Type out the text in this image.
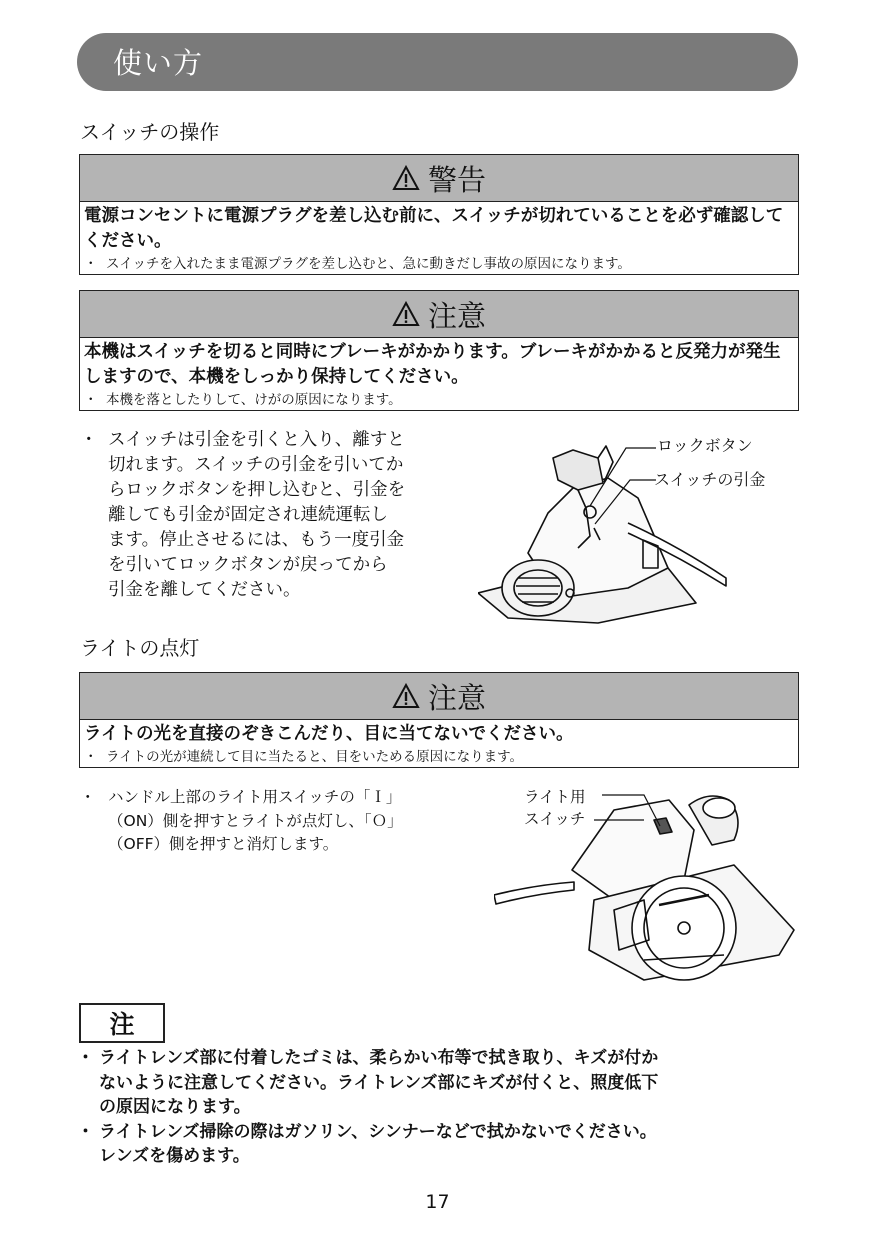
使い方
スイッチの操作
警告
電源コンセントに電源プラグを差し込む前に、スイッチが切れていることを必ず確認してください。
・ スイッチを入れたまま電源プラグを差し込むと、急に動きだし事故の原因になります。
注意
本機はスイッチを切ると同時にブレーキがかかります。ブレーキがかかると反発力が発生しますので、本機をしっかり保持してください。
・ 本機を落としたりして、けがの原因になります。
・ スイッチは引金を引くと入り、離すと
切れます。スイッチの引金を引いてか
らロックボタンを押し込むと、引金を
離しても引金が固定され連続運転し
ます。停止させるには、もう一度引金
を引いてロックボタンが戻ってから
引金を離してください。
ロックボタン
スイッチの引金
ライトの点灯
注意
ライトの光を直接のぞきこんだり、目に当てないでください。
・ ライトの光が連続して目に当たると、目をいためる原因になります。
・ ハンドル上部のライト用スイッチの「Ｉ」
（ON）側を押すとライトが点灯し、「Ｏ」
（OFF）側を押すと消灯します。
ライト用
スイッチ
注
・ ライトレンズ部に付着したゴミは、柔らかい布等で拭き取り、キズが付か
ないように注意してください。ライトレンズ部にキズが付くと、照度低下
の原因になります。
・ ライトレンズ掃除の際はガソリン、シンナーなどで拭かないでください。
レンズを傷めます。
17
